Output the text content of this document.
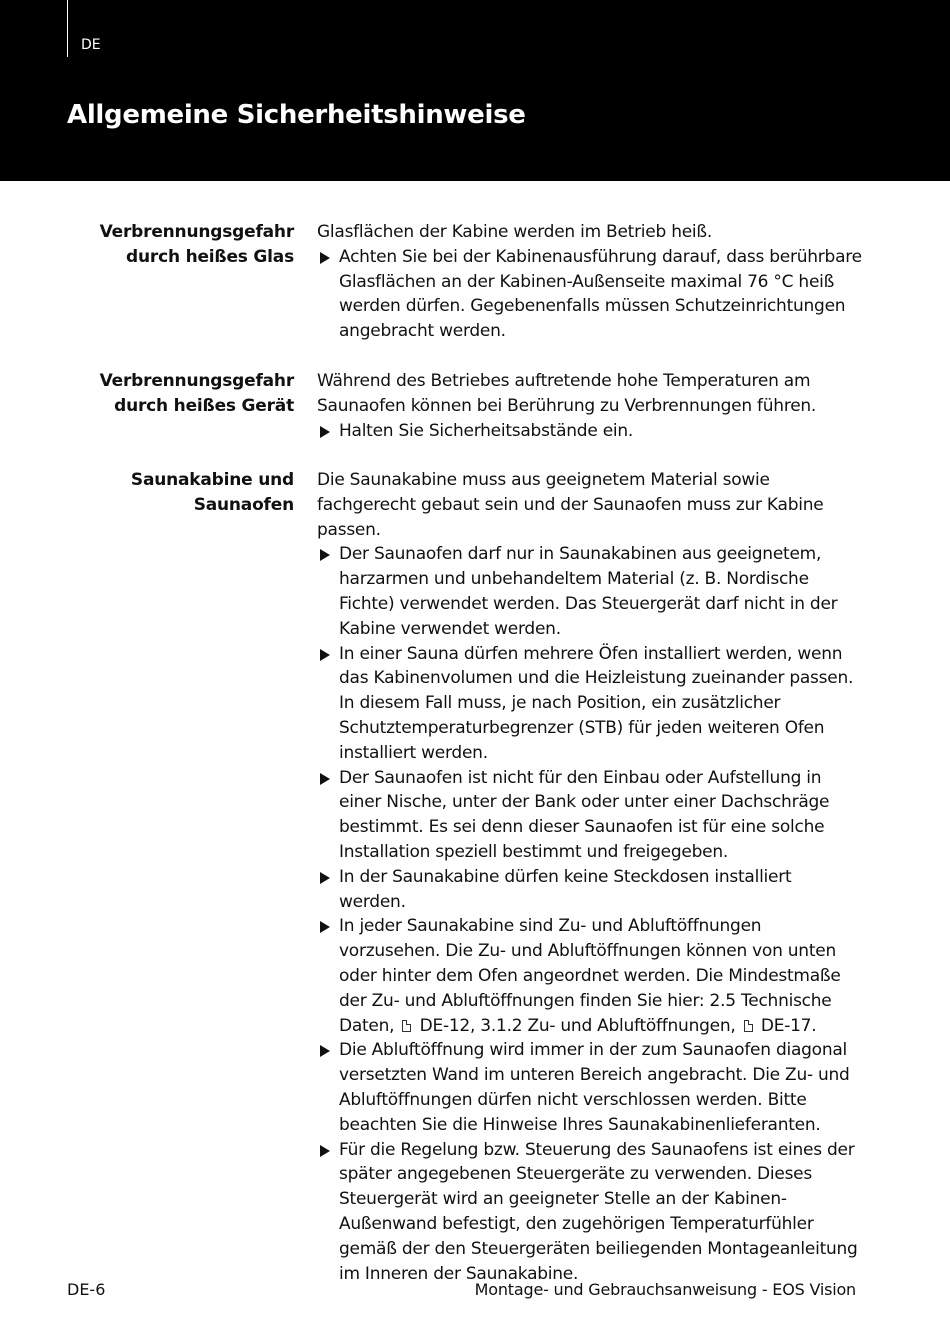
DE
Allgemeine Sicherheitshinweise
Verbrennungsgefahr
durch heißes Glas

Glasflächen der Kabine werden im Betrieb heiß.

Achten Sie bei der Kabinenausführung darauf, dass berührbare Glasflächen an der Kabinen-Außenseite maximal 76 °C heiß werden dürfen. Gegebenenfalls müssen Schutzeinrichtungen angebracht werden.
Verbrennungsgefahr
durch heißes Gerät

Während des Betriebes auftretende hohe Temperaturen am Saunaofen können bei Berührung zu Verbrennungen führen.

Halten Sie Sicherheitsabstände ein.
Saunakabine und
Saunaofen

Die Saunakabine muss aus geeignetem Material sowie fachgerecht gebaut sein und der Saunaofen muss zur Kabine passen.

Der Saunaofen darf nur in Saunakabinen aus geeignetem, harzarmen und unbehandeltem Material (z. B. Nordische Fichte) verwendet werden. Das Steuergerät darf nicht in der Kabine verwendet werden.
In einer Sauna dürfen mehrere Öfen installiert werden, wenn das Kabinenvolumen und die Heizleistung zueinander passen. In diesem Fall muss, je nach Position, ein zusätzlicher Schutztemperaturbegrenzer (STB) für jeden weiteren Ofen installiert werden.
Der Saunaofen ist nicht für den Einbau oder Aufstellung in einer Nische, unter der Bank oder unter einer Dachschräge bestimmt. Es sei denn dieser Saunaofen ist für eine solche Installation speziell bestimmt und freigegeben.
In der Saunakabine dürfen keine Steckdosen installiert werden.
In jeder Saunakabine sind Zu- und Abluftöffnungen vorzusehen. Die Zu- und Abluftöffnungen können von unten oder hinter dem Ofen angeordnet werden. Die Mindestmaße der Zu- und Abluftöffnungen finden Sie hier: 2.5 Technische Daten, DE-12, 3.1.2 Zu- und Abluftöffnungen, DE-17.
Die Abluftöffnung wird immer in der zum Saunaofen diagonal versetzten Wand im unteren Bereich angebracht. Die Zu- und Abluftöffnungen dürfen nicht verschlossen werden. Bitte beachten Sie die Hinweise Ihres Saunakabinenlieferanten.
Für die Regelung bzw. Steuerung des Saunaofens ist eines der später angegebenen Steuergeräte zu verwenden. Dieses Steuergerät wird an geeigneter Stelle an der Kabinen-Außenwand befestigt, den zugehörigen Temperaturfühler gemäß der den Steuergeräten beiliegenden Montageanleitung im Inneren der Saunakabine.
DE-6	Montage- und Gebrauchsanweisung - EOS Vision
